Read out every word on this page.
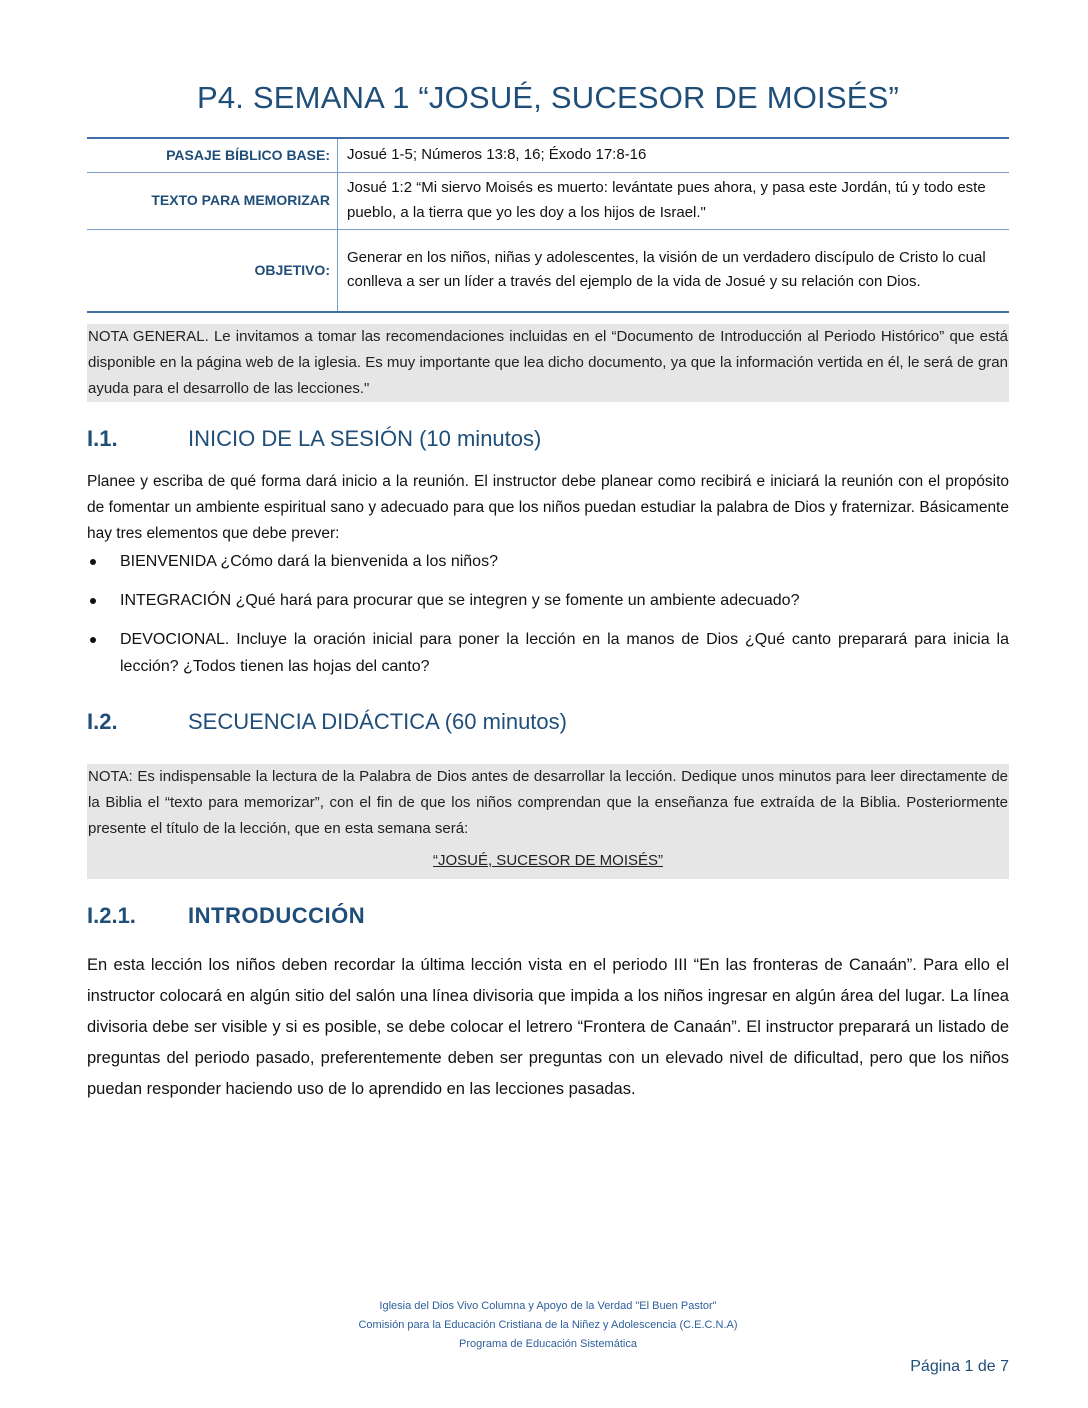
P4. SEMANA 1 “JOSUÉ, SUCESOR DE MOISÉS”
PASAJE BÍBLICO BASE:	Josué 1-5; Números 13:8, 16; Éxodo 17:8-16
TEXTO PARA MEMORIZAR	Josué 1:2 “Mi siervo Moisés es muerto: levántate pues ahora, y pasa este Jordán, tú y todo este pueblo, a la tierra que yo les doy a los hijos de Israel."
OBJETIVO:	Generar en los niños, niñas y adolescentes, la visión de un verdadero discípulo de Cristo lo cual conlleva a ser un líder a través del ejemplo de la vida de Josué y su relación con Dios.
NOTA GENERAL. Le invitamos a tomar las recomendaciones incluidas en el “Documento de Introducción al Periodo Histórico” que está disponible en la página web de la iglesia. Es muy importante que lea dicho documento, ya que la información vertida en él, le será de gran ayuda para el desarrollo de las lecciones."
I.1.	INICIO DE LA SESIÓN (10 minutos)

Planee y escriba de qué forma dará inicio a la reunión. El instructor debe planear como recibirá e iniciará la reunión con el propósito de fomentar un ambiente espiritual sano y adecuado para que los niños puedan estudiar la palabra de Dios y fraternizar. Básicamente hay tres elementos que debe prever:

BIENVENIDA ¿Cómo dará la bienvenida a los niños?
INTEGRACIÓN ¿Qué hará para procurar que se integren y se fomente un ambiente adecuado?
DEVOCIONAL. Incluye la oración inicial para poner la lección en la manos de Dios ¿Qué canto preparará para inicia la lección? ¿Todos tienen las hojas del canto?
I.2.	SECUENCIA DIDÁCTICA (60 minutos)
NOTA: Es indispensable la lectura de la Palabra de Dios antes de desarrollar la lección. Dedique unos minutos para leer directamente de la Biblia el “texto para memorizar”, con el fin de que los niños comprendan que la enseñanza fue extraída de la Biblia. Posteriormente presente el título de la lección, que en esta semana será:
“JOSUÉ, SUCESOR DE MOISÉS”
I.2.1. INTRODUCCIÓN

En esta lección los niños deben recordar la última lección vista en el periodo III “En las fronteras de Canaán”. Para ello el instructor colocará en algún sitio del salón una línea divisoria que impida a los niños ingresar en algún área del lugar. La línea divisoria debe ser visible y si es posible, se debe colocar el letrero “Frontera de Canaán”. El instructor preparará un listado de preguntas del periodo pasado, preferentemente deben ser preguntas con un elevado nivel de dificultad, pero que los niños puedan responder haciendo uso de lo aprendido en las lecciones pasadas.

Iglesia del Dios Vivo Columna y Apoyo de la Verdad "El Buen Pastor"
Comisión para la Educación Cristiana de la Niñez y Adolescencia (C.E.C.N.A)
Programa de Educación Sistemática
Página 1 de 7
